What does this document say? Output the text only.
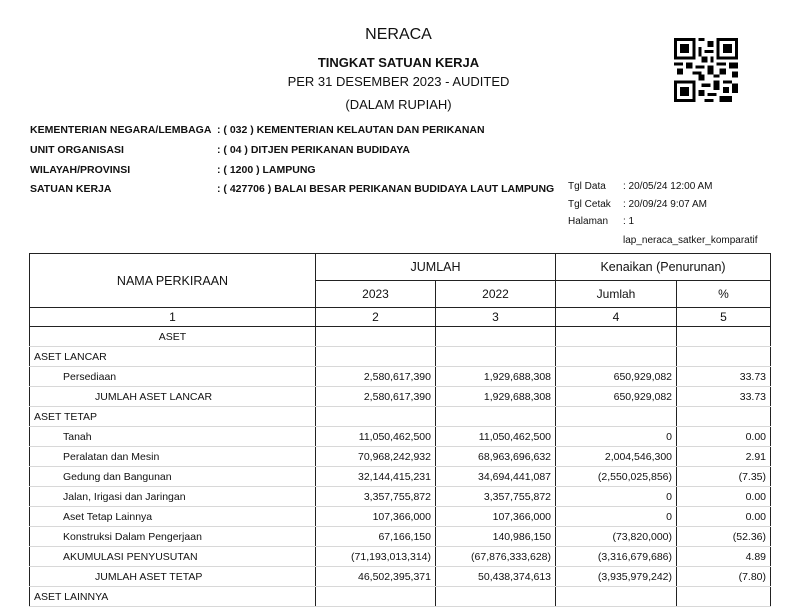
NERACA
TINGKAT SATUAN KERJA
PER 31 DESEMBER 2023 - AUDITED
(DALAM RUPIAH)
KEMENTERIAN NEGARA/LEMBAGA : ( 032 ) KEMENTERIAN KELAUTAN DAN PERIKANAN
UNIT ORGANISASI	: ( 04 ) DITJEN PERIKANAN BUDIDAYA
WILAYAH/PROVINSI	: ( 1200 ) LAMPUNG
SATUAN KERJA	: ( 427706 ) BALAI BESAR PERIKANAN BUDIDAYA LAUT LAMPUNG Tgl Data : 20/05/24 12:00 AM
Tgl Cetak : 20/09/24 9:07 AM
Halaman : 1
lap_neraca_satker_komparatif
NAMA PERKIRAAN	JUMLAH		Kenaikan (Penurunan)	
	2023	2022	Jumlah	%
1	2	3	4	5
ASET				
ASET LANCAR				
Persediaan	2,580,617,390	1,929,688,308	650,929,082	33.73
JUMLAH ASET LANCAR	2,580,617,390	1,929,688,308	650,929,082	33.73
ASET TETAP				
Tanah	11,050,462,500	11,050,462,500	0	0.00
Peralatan dan Mesin	70,968,242,932	68,963,696,632	2,004,546,300	2.91
Gedung dan Bangunan	32,144,415,231	34,694,441,087	(2,550,025,856)	(7.35)
Jalan, Irigasi dan Jaringan	3,357,755,872	3,357,755,872	0	0.00
Aset Tetap Lainnya	107,366,000	107,366,000	0	0.00
Konstruksi Dalam Pengerjaan	67,166,150	140,986,150	(73,820,000)	(52.36)
AKUMULASI PENYUSUTAN	(71,193,013,314)	(67,876,333,628)	(3,316,679,686)	4.89
JUMLAH ASET TETAP	46,502,395,371	50,438,374,613	(3,935,979,242)	(7.80)
ASET LAINNYA				
